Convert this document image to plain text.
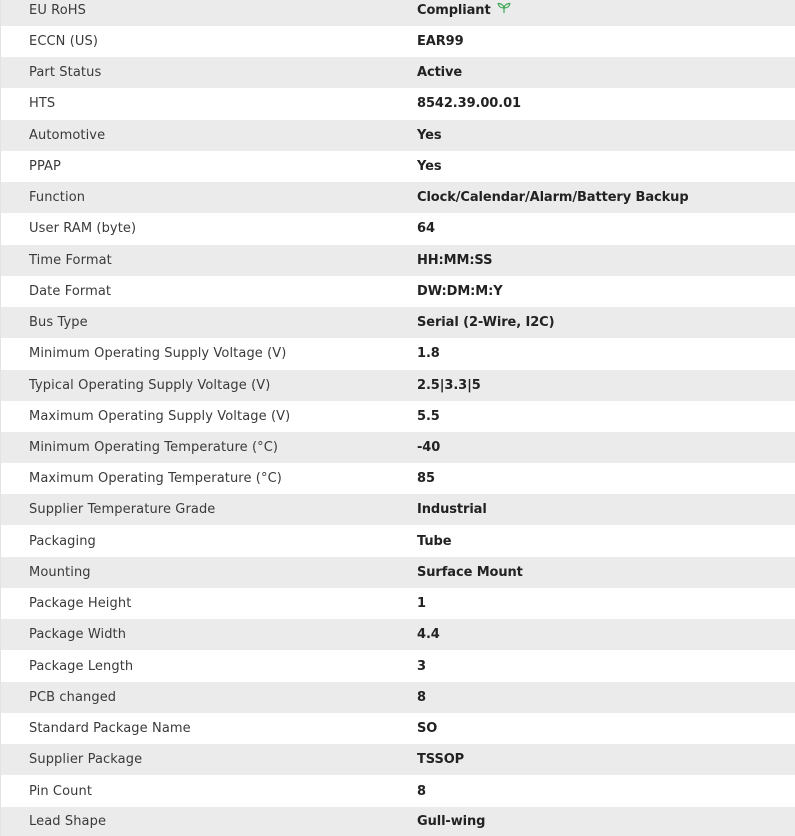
EU RoHS	Compliant
ECCN (US)	EAR99
Part Status	Active
HTS	8542.39.00.01
Automotive	Yes
PPAP	Yes
Function	Clock/Calendar/Alarm/Battery Backup
User RAM (byte)	64
Time Format	HH:MM:SS
Date Format	DW:DM:M:Y
Bus Type	Serial (2-Wire, I2C)
Minimum Operating Supply Voltage (V)	1.8
Typical Operating Supply Voltage (V)	2.5|3.3|5
Maximum Operating Supply Voltage (V)	5.5
Minimum Operating Temperature (°C)	-40
Maximum Operating Temperature (°C)	85
Supplier Temperature Grade	Industrial
Packaging	Tube
Mounting	Surface Mount
Package Height	1
Package Width	4.4
Package Length	3
PCB changed	8
Standard Package Name	SO
Supplier Package	TSSOP
Pin Count	8
Lead Shape	Gull-wing
